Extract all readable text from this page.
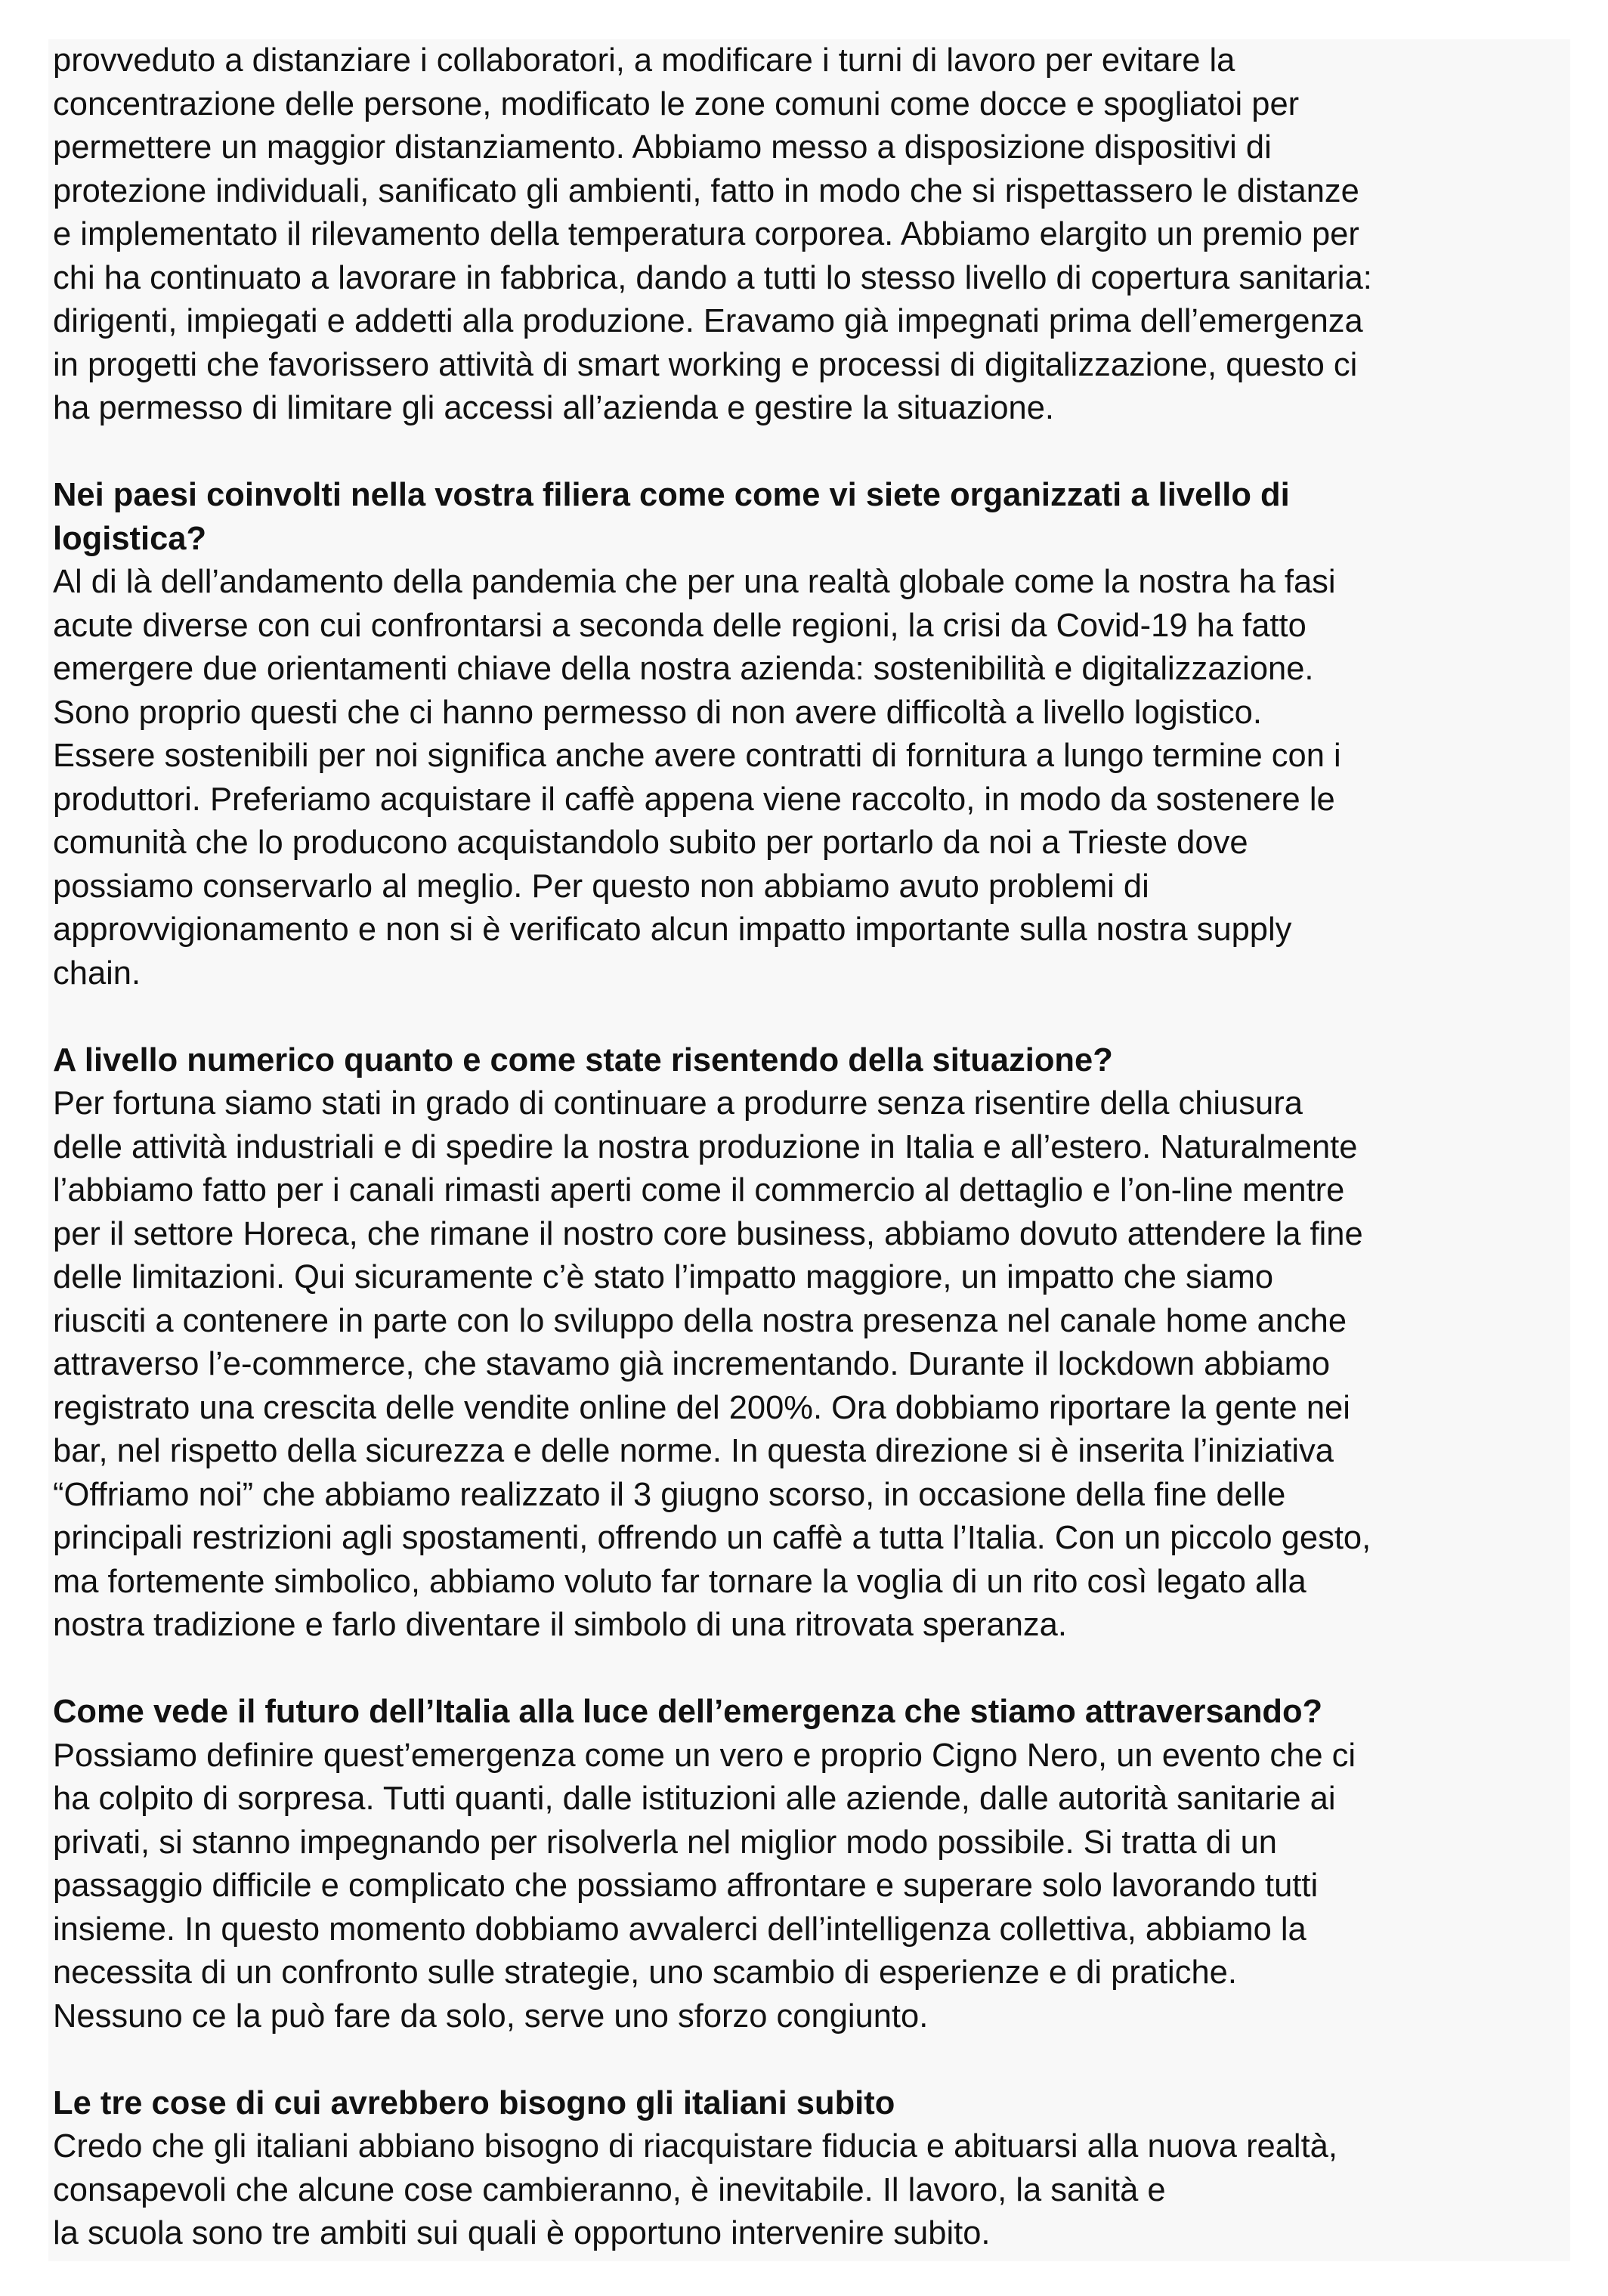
provveduto a distanziare i collaboratori, a modificare i turni di lavoro per evitare la
concentrazione delle persone, modificato le zone comuni come docce e spogliatoi per
permettere un maggior distanziamento. Abbiamo messo a disposizione dispositivi di
protezione individuali, sanificato gli ambienti, fatto in modo che si rispettassero le distanze
e implementato il rilevamento della temperatura corporea. Abbiamo elargito un premio per
chi ha continuato a lavorare in fabbrica, dando a tutti lo stesso livello di copertura sanitaria:
dirigenti, impiegati e addetti alla produzione. Eravamo già impegnati prima dell’emergenza
in progetti che favorissero attività di smart working e processi di digitalizzazione, questo ci
ha permesso di limitare gli accessi all’azienda e gestire la situazione.
Nei paesi coinvolti nella vostra filiera come come vi siete organizzati a livello di
logistica?
Al di là dell’andamento della pandemia che per una realtà globale come la nostra ha fasi
acute diverse con cui confrontarsi a seconda delle regioni, la crisi da Covid-19 ha fatto
emergere due orientamenti chiave della nostra azienda: sostenibilità e digitalizzazione.
Sono proprio questi che ci hanno permesso di non avere difficoltà a livello logistico.
Essere sostenibili per noi significa anche avere contratti di fornitura a lungo termine con i
produttori. Preferiamo acquistare il caffè appena viene raccolto, in modo da sostenere le
comunità che lo producono acquistandolo subito per portarlo da noi a Trieste dove
possiamo conservarlo al meglio. Per questo non abbiamo avuto problemi di
approvvigionamento e non si è verificato alcun impatto importante sulla nostra supply
chain.
A livello numerico quanto e come state risentendo della situazione?
Per fortuna siamo stati in grado di continuare a produrre senza risentire della chiusura
delle attività industriali e di spedire la nostra produzione in Italia e all’estero. Naturalmente
l’abbiamo fatto per i canali rimasti aperti come il commercio al dettaglio e l’on-line mentre
per il settore Horeca, che rimane il nostro core business, abbiamo dovuto attendere la fine
delle limitazioni. Qui sicuramente c’è stato l’impatto maggiore, un impatto che siamo
riusciti a contenere in parte con lo sviluppo della nostra presenza nel canale home anche
attraverso l’e-commerce, che stavamo già incrementando. Durante il lockdown abbiamo
registrato una crescita delle vendite online del 200%. Ora dobbiamo riportare la gente nei
bar, nel rispetto della sicurezza e delle norme. In questa direzione si è inserita l’iniziativa
“Offriamo noi” che abbiamo realizzato il 3 giugno scorso, in occasione della fine delle
principali restrizioni agli spostamenti, offrendo un caffè a tutta l’Italia. Con un piccolo gesto,
ma fortemente simbolico, abbiamo voluto far tornare la voglia di un rito così legato alla
nostra tradizione e farlo diventare il simbolo di una ritrovata speranza.
Come vede il futuro dell’Italia alla luce dell’emergenza che stiamo attraversando?
Possiamo definire quest’emergenza come un vero e proprio Cigno Nero, un evento che ci
ha colpito di sorpresa. Tutti quanti, dalle istituzioni alle aziende, dalle autorità sanitarie ai
privati, si stanno impegnando per risolverla nel miglior modo possibile. Si tratta di un
passaggio difficile e complicato che possiamo affrontare e superare solo lavorando tutti
insieme. In questo momento dobbiamo avvalerci dell’intelligenza collettiva, abbiamo la
necessita di un confronto sulle strategie, uno scambio di esperienze e di pratiche.
Nessuno ce la può fare da solo, serve uno sforzo congiunto.
Le tre cose di cui avrebbero bisogno gli italiani subito
Credo che gli italiani abbiano bisogno di riacquistare fiducia e abituarsi alla nuova realtà,
consapevoli che alcune cose cambieranno, è inevitabile. Il lavoro, la sanità e
la scuola sono tre ambiti sui quali è opportuno intervenire subito.
